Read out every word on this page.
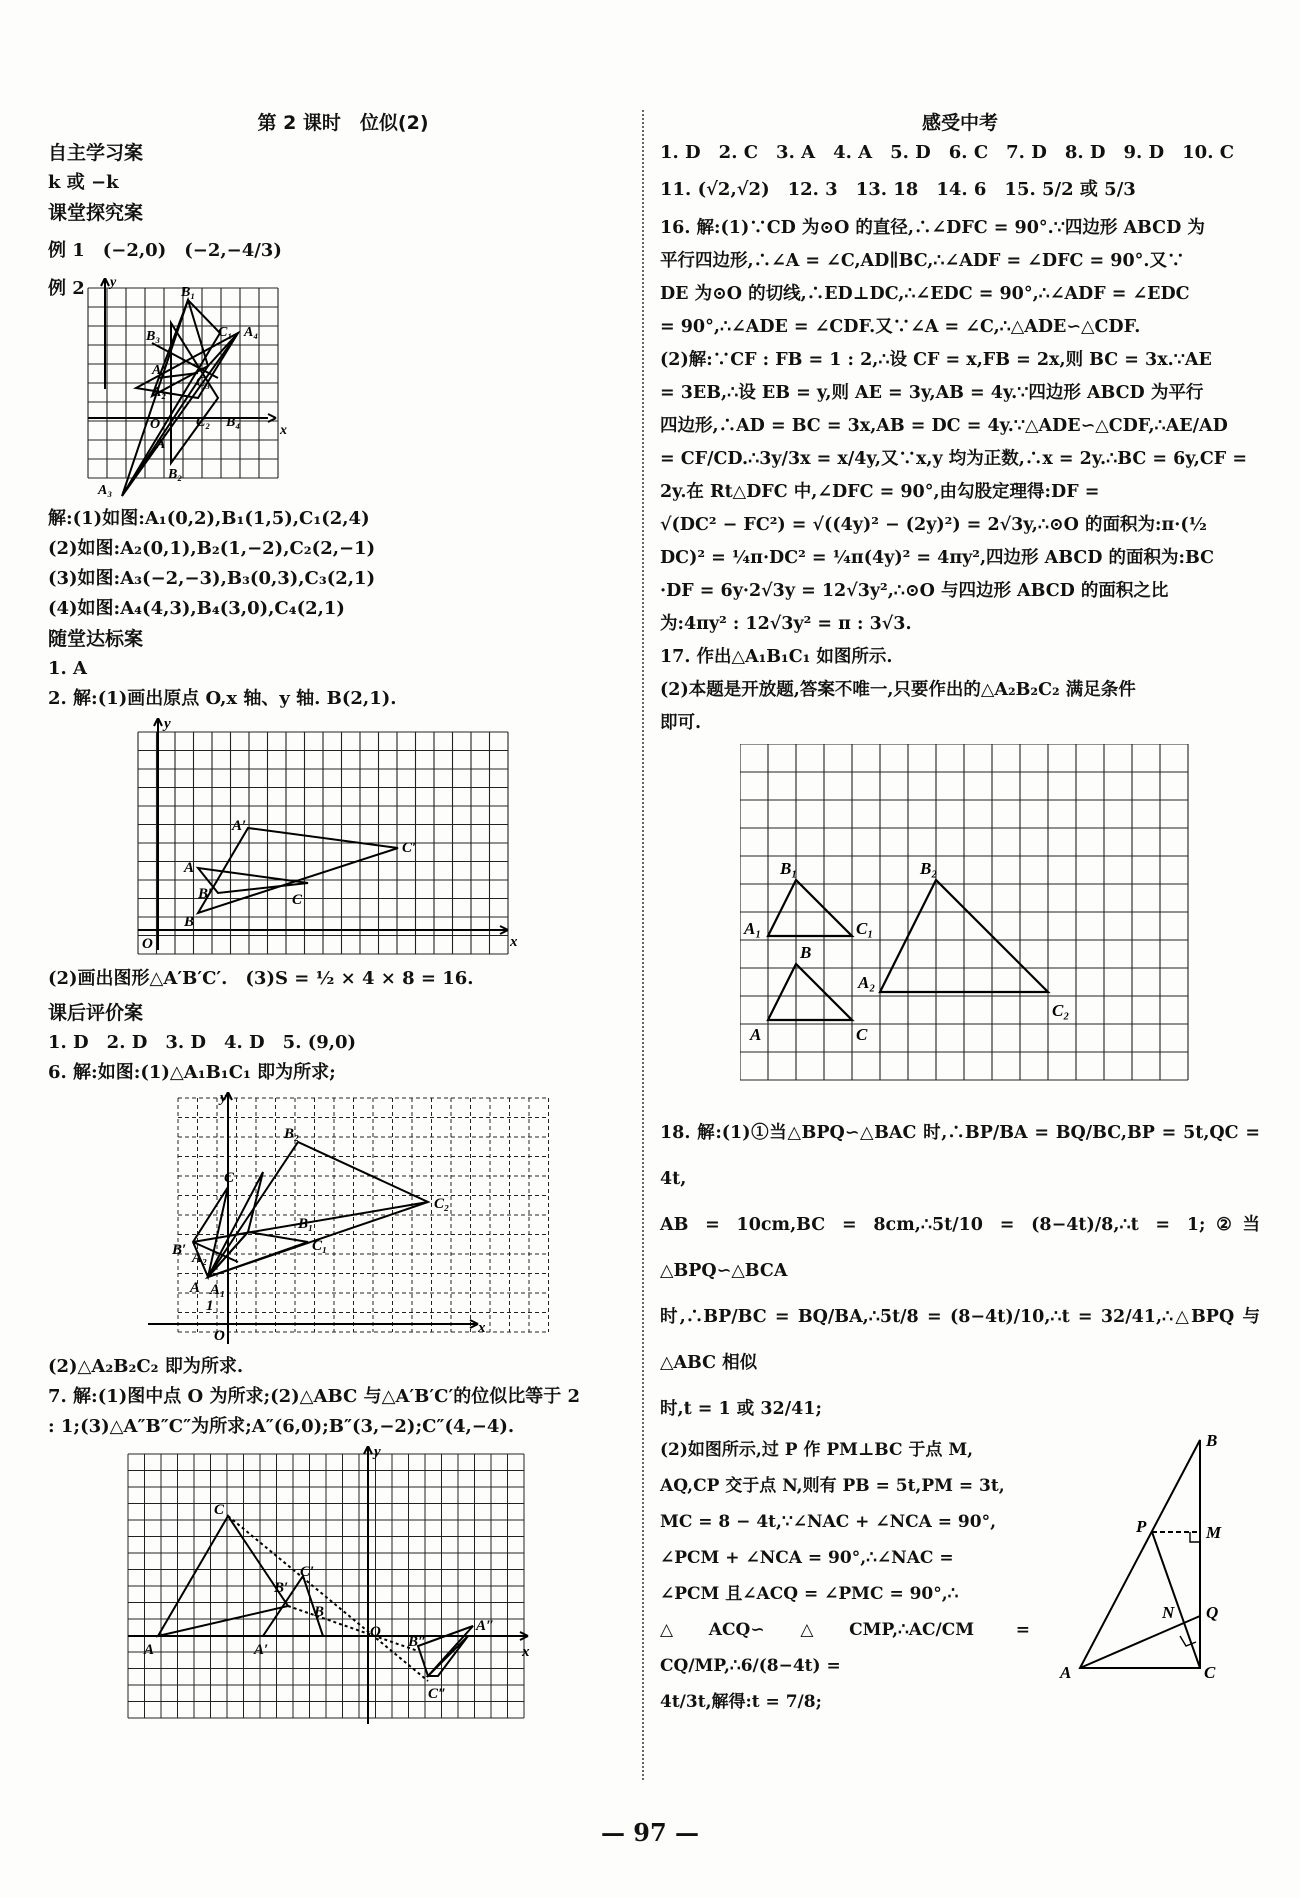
第 2 课时　位似(2)
自主学习案
k 或 −k
课堂探究案
例 1　(−2,0)　(−2,−4/3)
例 2	y
x
O
B₁
C₁
B₃	A₄
A₁
A₂
C₃
B₄
C₂
A
B₂
A₃
解:(1)如图:A₁(0,2),B₁(1,5),C₁(2,4)
(2)如图:A₂(0,1),B₂(1,−2),C₂(2,−1)
(3)如图:A₃(−2,−3),B₃(0,3),C₃(2,1)
(4)如图:A₄(4,3),B₄(3,0),C₄(2,1)
随堂达标案
1. A
2. 解:(1)画出原点 O,x 轴、y 轴. B(2,1).
y
x
O
A′
C′
A
B′	C
B
(2)画出图形△A′B′C′.　(3)S = ½ × 4 × 8 = 16.
课后评价案
1. D　2. D　3. D　4. D　5. (9,0)
6. 解:如图:(1)△A₁B₁C₁ 即为所求;
y
x
O
B₂
C
C₂
B₁
B′ A₂
C₁
A A₁
1
(2)△A₂B₂C₂ 即为所求.
7. 解:(1)图中点 O 为所求;(2)△ABC 与△A′B′C′的位似比等于 2
: 1;(3)△A″B″C″为所求;A″(6,0);B″(3,−2);C″(4,−4).
y
x
O
C
C′
B′
A	A′
B
A″
B″
C″
感受中考
1. D　2. C　3. A　4. A　5. D　6. C　7. D　8. D　9. D　10. C
11. (√2,√2)　12. 3　13. 18　14. 6　15. 5/2 或 5/3
16. 解:(1)∵CD 为⊙O 的直径,∴∠DFC = 90°.∵四边形 ABCD 为
平行四边形,∴∠A = ∠C,AD∥BC,∴∠ADF = ∠DFC = 90°.又∵
DE 为⊙O 的切线,∴ED⊥DC,∴∠EDC = 90°,∴∠ADF = ∠EDC
= 90°,∴∠ADE = ∠CDF.又∵∠A = ∠C,∴△ADE∽△CDF.
(2)解:∵CF : FB = 1 : 2,∴设 CF = x,FB = 2x,则 BC = 3x.∵AE
= 3EB,∴设 EB = y,则 AE = 3y,AB = 4y.∵四边形 ABCD 为平行
四边形,∴AD = BC = 3x,AB = DC = 4y.∵△ADE∽△CDF,∴AE/AD
= CF/CD.∴3y/3x = x/4y,又∵x,y 均为正数,∴x = 2y.∴BC = 6y,CF =
2y.在 Rt△DFC 中,∠DFC = 90°,由勾股定理得:DF =
√(DC² − FC²) = √((4y)² − (2y)²) = 2√3y,∴⊙O 的面积为:π·(½
DC)² = ¼π·DC² = ¼π(4y)² = 4πy²,四边形 ABCD 的面积为:BC
·DF = 6y·2√3y = 12√3y²,∴⊙O 与四边形 ABCD 的面积之比
为:4πy² : 12√3y² = π : 3√3.
17. 作出△A₁B₁C₁ 如图所示.
(2)本题是开放题,答案不唯一,只要作出的△A₂B₂C₂ 满足条件
即可.
B₁	B₂
A₁	C₁
B
A₂
A	C
C₂
18. 解:(1)①当△BPQ∽△BAC 时,∴BP/BA = BQ/BC,BP = 5t,QC = 4t,
AB = 10cm,BC = 8cm,∴5t/10 = (8−4t)/8,∴t = 1;②当△BPQ∽△BCA
时,∴BP/BC = BQ/BA,∴5t/8 = (8−4t)/10,∴t = 32/41,∴△BPQ 与△ABC 相似
时,t = 1 或 32/41;
(2)如图所示,过 P 作 PM⊥BC 于点 M,
AQ,CP 交于点 N,则有 PB = 5t,PM = 3t,
MC = 8 − 4t,∵∠NAC + ∠NCA = 90°,
∠PCM + ∠NCA = 90°,∴∠NAC =
∠PCM 且∠ACQ = ∠PMC = 90°,∴
△ACQ∽△CMP,∴AC/CM = CQ/MP,∴6/(8−4t) =
4t/3t,解得:t = 7/8;
B
P	M
N Q
A	C
— 97 —
